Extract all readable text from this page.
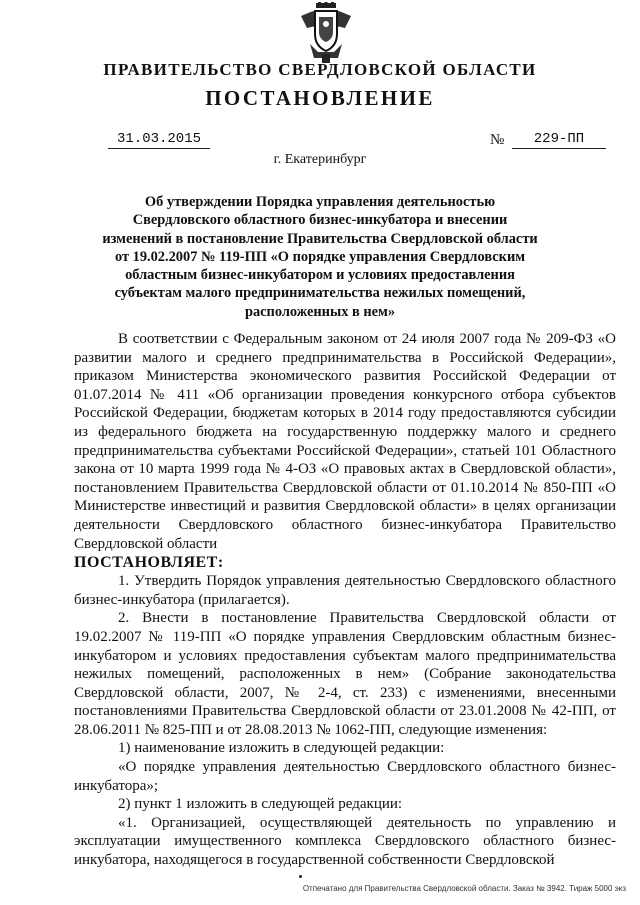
ПРАВИТЕЛЬСТВО СВЕРДЛОВСКОЙ ОБЛАСТИ
ПОСТАНОВЛЕНИЕ
31.03.2015	№	229-ПП
г. Екатеринбург
Об утверждении Порядка управления деятельностью Свердловского областного бизнес-инкубатора и внесении изменений в постановление Правительства Свердловской области от 19.02.2007 № 119-ПП «О порядке управления Свердловским областным бизнес-инкубатором и условиях предоставления субъектам малого предпринимательства нежилых помещений, расположенных в нем»

В соответствии с Федеральным законом от 24 июля 2007 года № 209-ФЗ «О развитии малого и среднего предпринимательства в Российской Федерации», приказом Министерства экономического развития Российской Федерации от 01.07.2014 № 411 «Об организации проведения конкурсного отбора субъектов Российской Федерации, бюджетам которых в 2014 году предоставляются субсидии из федерального бюджета на государственную поддержку малого и среднего предпринимательства субъектами Российской Федерации», статьей 101 Областного закона от 10 марта 1999 года № 4-ОЗ «О правовых актах в Свердловской области», постановлением Правительства Свердловской области от 01.10.2014 № 850-ПП «О Министерстве инвестиций и развития Свердловской области» в целях организации деятельности Свердловского областного бизнес-инкубатора Правительство Свердловской области

ПОСТАНОВЛЯЕТ:

1. Утвердить Порядок управления деятельностью Свердловского областного бизнес-инкубатора (прилагается).

2. Внести в постановление Правительства Свердловской области от 19.02.2007 № 119-ПП «О порядке управления Свердловским областным бизнес-инкубатором и условиях предоставления субъектам малого предпринимательства нежилых помещений, расположенных в нем» (Собрание законодательства Свердловской области, 2007, № 2-4, ст. 233) с изменениями, внесенными постановлениями Правительства Свердловской области от 23.01.2008 № 42-ПП, от 28.06.2011 № 825-ПП и от 28.08.2013 № 1062-ПП, следующие изменения:

1) наименование изложить в следующей редакции:

«О порядке управления деятельностью Свердловского областного бизнес-инкубатора»;

2) пункт 1 изложить в следующей редакции:

«1. Организацией, осуществляющей деятельность по управлению и эксплуатации имущественного комплекса Свердловского областного бизнес-инкубатора, находящегося в государственной собственности Свердловской

Отпечатано для Правительства Свердловской области. Заказ № 3942. Тираж 5000 экз
